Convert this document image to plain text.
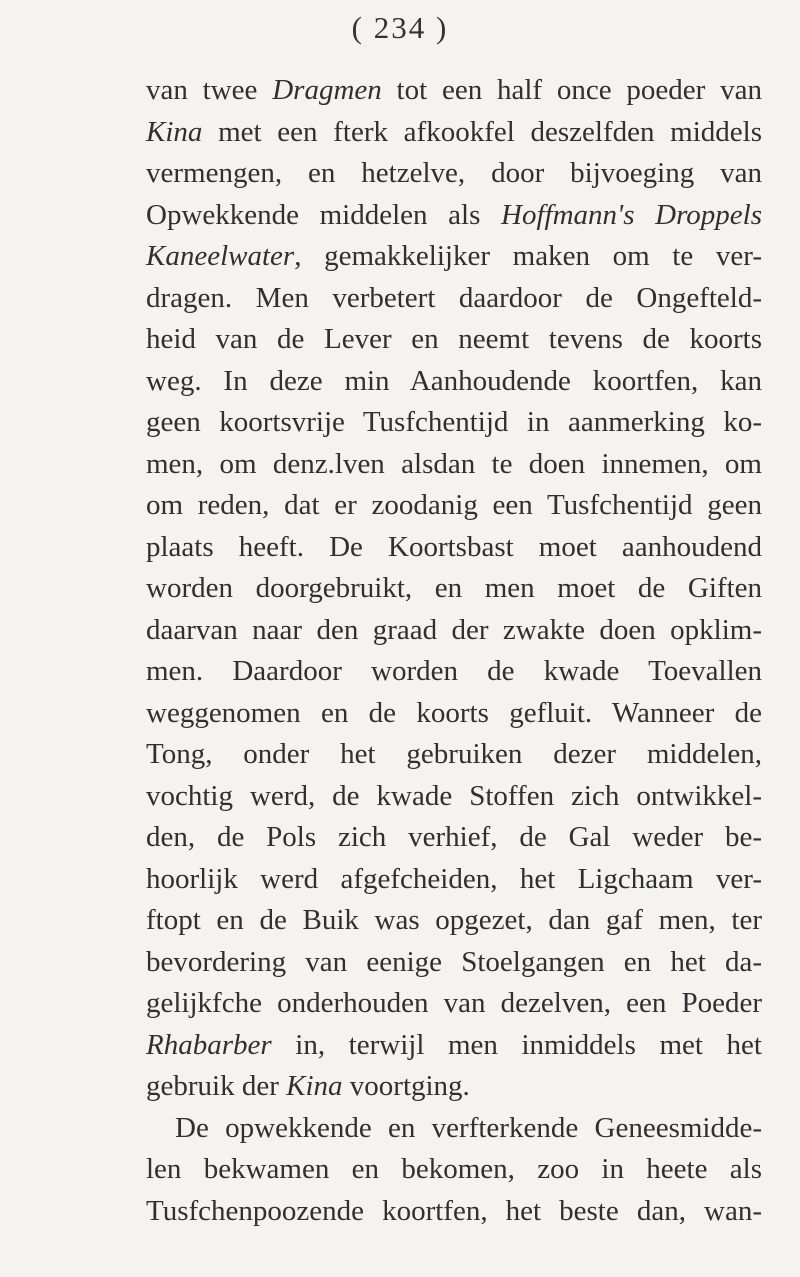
( 234 )
van twee Dragmen tot een half once poeder van
Kina met een fterk afkookfel deszelfden middels
vermengen, en hetzelve, door bijvoeging van
Opwekkende middelen als Hoffmann's Droppels
Kaneelwater, gemakkelijker maken om te ver-
dragen. Men verbetert daardoor de Ongefteld-
heid van de Lever en neemt tevens de koorts
weg. In deze min Aanhoudende koortfen, kan
geen koortsvrije Tusfchentijd in aanmerking ko-
men, om denz.lven alsdan te doen innemen, om
om reden, dat er zoodanig een Tusfchentijd geen
plaats heeft. De Koortsbast moet aanhoudend
worden doorgebruikt, en men moet de Giften
daarvan naar den graad der zwakte doen opklim-
men. Daardoor worden de kwade Toevallen
weggenomen en de koorts gefluit. Wanneer de
Tong, onder het gebruiken dezer middelen,
vochtig werd, de kwade Stoffen zich ontwikkel-
den, de Pols zich verhief, de Gal weder be-
hoorlijk werd afgefcheiden, het Ligchaam ver-
ftopt en de Buik was opgezet, dan gaf men, ter
bevordering van eenige Stoelgangen en het da-
gelijkfche onderhouden van dezelven, een Poeder
Rhabarber in, terwijl men inmiddels met het
gebruik der Kina voortging.
De opwekkende en verfterkende Geneesmidde-
len bekwamen en bekomen, zoo in heete als
Tusfchenpoozende koortfen, het beste dan, wan-
